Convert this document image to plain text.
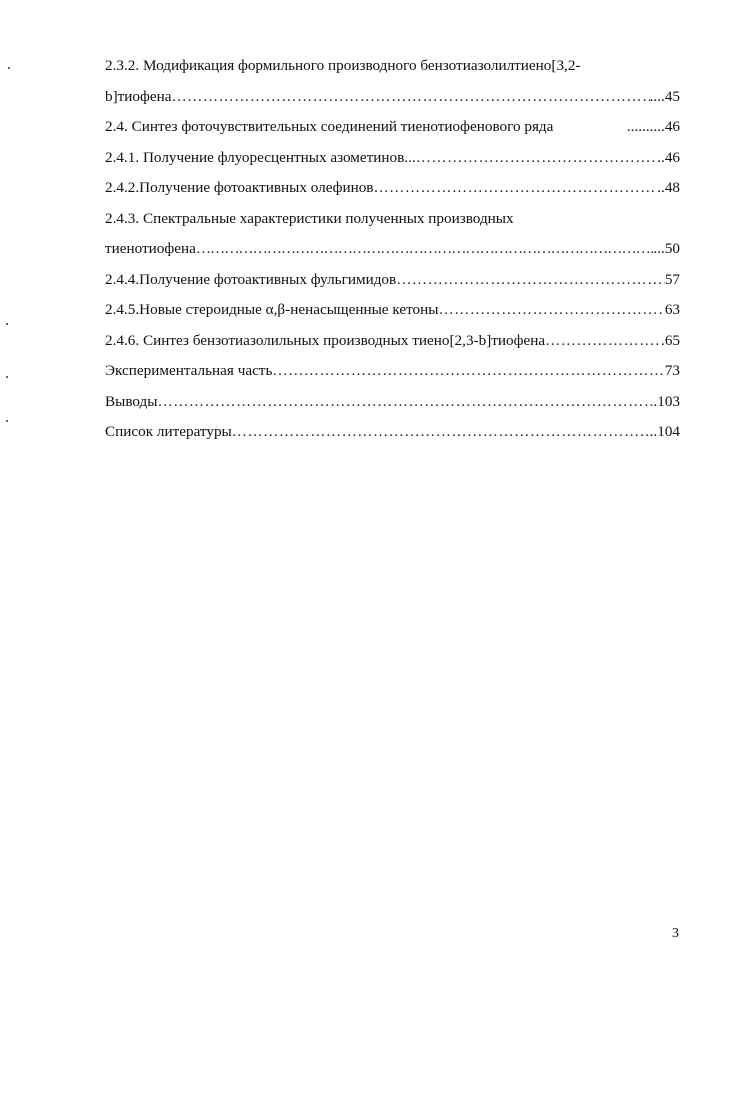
2.3.2. Модификация формильного производного бензотиазолилтиено[3,2-
b]тиофена …………………………………………………………………………………………………………………………………………………………………………………………………………………………………………	....45
2.4. Синтез фоточувствительных соединений тиенотиофенового ряда	..........46
2.4.1. Получение флуоресцентных азометинов... …………………………………………………………………………………………………………………………………………………………………………………………………………………………………………	..46
2.4.2.Получение фотоактивных олефинов …………………………………………………………………………………………………………………………………………………………………………………………………………………………………………	..48
2.4.3. Спектральные характеристики полученных производных
тиенотиофена …………………………………………………………………………………………………………………………………………………………………………………………………………………………………………	...50
2.4.4.Получение фотоактивных фульгимидов …………………………………………………………………………………………………………………………………………………………………………………………………………………………………………	57
2.4.5.Новые стероидные α,β-ненасыщенные кетоны …………………………………………………………………………………………………………………………………………………………………………………………………………………………………………	63
2.4.6. Синтез бензотиазолильных производных тиено[2,3-b]тиофена …………………………………………………………………………………………………………………………………………………………………………………………………………………………………………	.65
Экспериментальная часть …………………………………………………………………………………………………………………………………………………………………………………………………………………………………………	73
Выводы …………………………………………………………………………………………………………………………………………………………………………………………………………………………………………	.103
Список литературы …………………………………………………………………………………………………………………………………………………………………………………………………………………………………………	..104
3
